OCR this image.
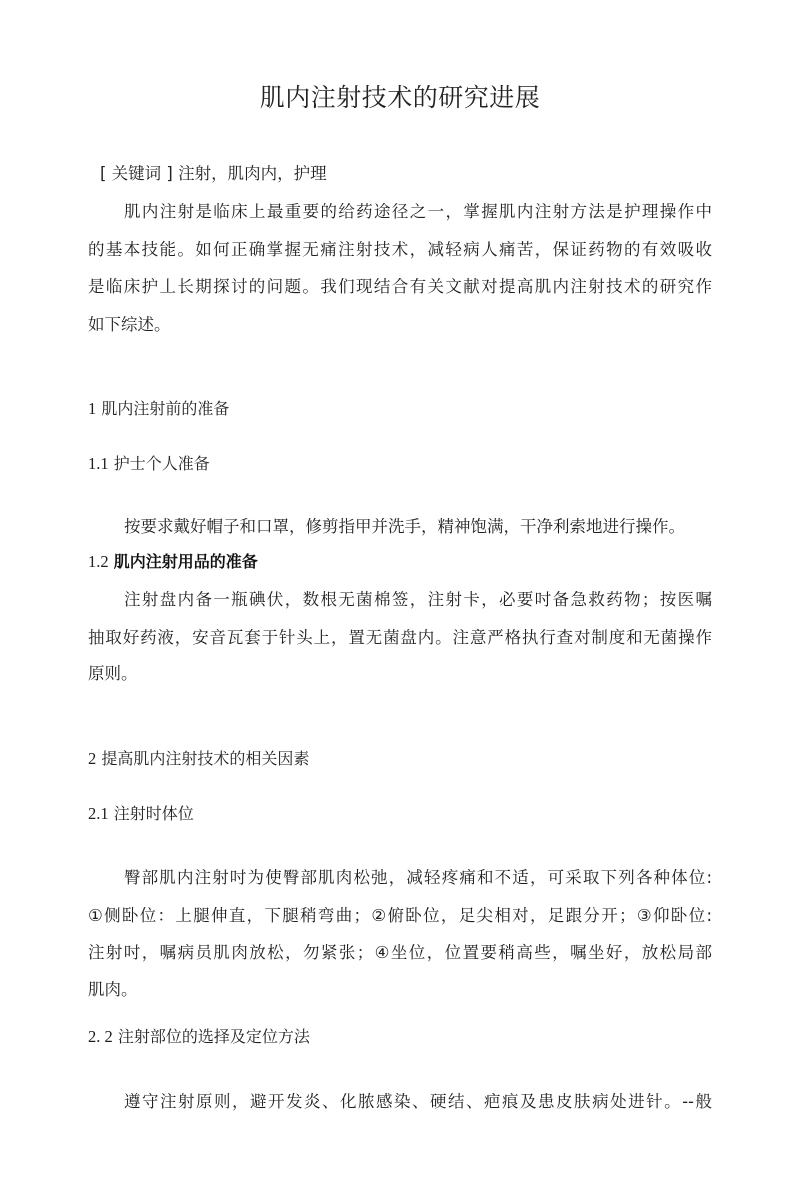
肌内注射技术的研究进展
[ 关键词 ] 注射，肌肉内，护理
肌内注射是临床上最重要的给药途径之一，掌握肌内注射方法是护理操作中
的基本技能。如何正确掌握无痛注射技术，减轻病人痛苦，保证药物的有效吸收
是临床护丄长期探讨的问题。我们现结合有关文献对提高肌内注射技术的研究作
如下综述。
1 肌内注射前的准备
1.1 护士个人准备
按要求戴好帽子和口罩，修剪指甲并洗手，精神饱满，干净利索地进行操作。
1.2 肌内注射用品的准备
注射盘内备一瓶碘伏，数根无菌棉签，注射卡，必要吋备急救药物；按医嘱
抽取好药液，安音瓦套于针头上，置无菌盘内。注意严格执行查对制度和无菌操作
原则。
2 提高肌内注射技术的相关因素
2.1 注射时体位
臀部肌内注射吋为使臀部肌肉松弛，减轻疼痛和不适，可采取下列各种体位:
①侧卧位：上腿伸直，下腿稍弯曲；②俯卧位，足尖相对，足跟分开；③仰卧位:
注射吋，嘱病员肌肉放松，勿紧张；④坐位，位置要稍高些，嘱坐好，放松局部
肌肉。
2. 2 注射部位的选择及定位方法
遵守注射原则，避开发炎、化脓感染、硬结、疤痕及患皮肤病处进针。--般
